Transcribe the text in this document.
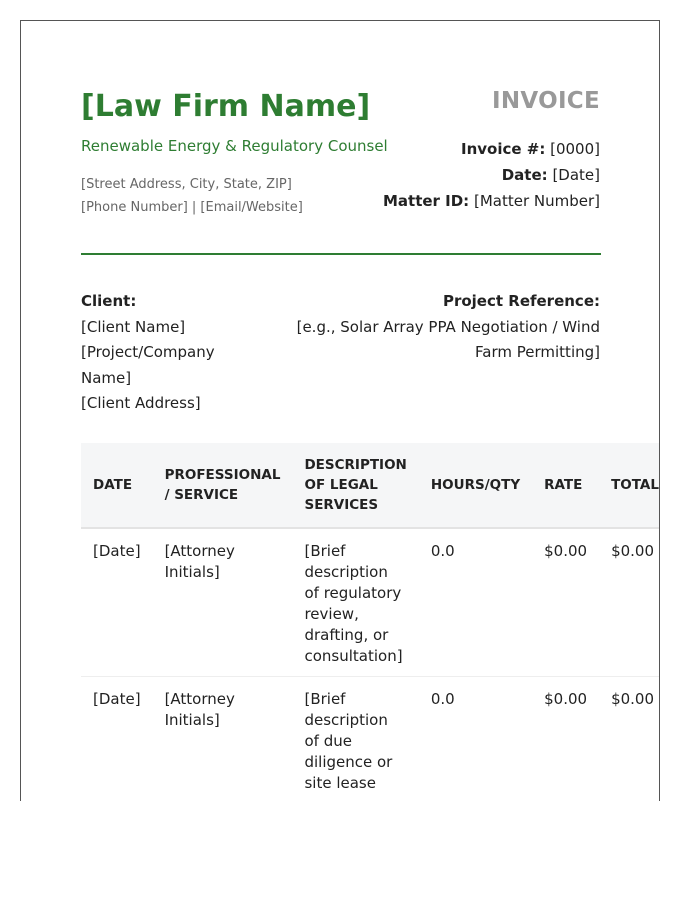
[Law Firm Name]
Renewable Energy & Regulatory Counsel
[Street Address, City, State, ZIP]
[Phone Number] | [Email/Website]
INVOICE
Invoice #: [0000]
Date: [Date]
Matter ID: [Matter Number]
Client:
[Client Name]
[Project/Company Name]
[Client Address]
Project Reference:
[e.g., Solar Array PPA Negotiation / Wind Farm Permitting]
DATE	PROFESSIONAL / SERVICE	DESCRIPTION OF LEGAL SERVICES	HOURS/QTY	RATE	TOTAL
[Date]	[Attorney Initials]	[Brief description of regulatory review, drafting, or consultation]	0.0	$0.00	$0.00
[Date]	[Attorney Initials]	[Brief description of due diligence or site lease	0.0	$0.00	$0.00
